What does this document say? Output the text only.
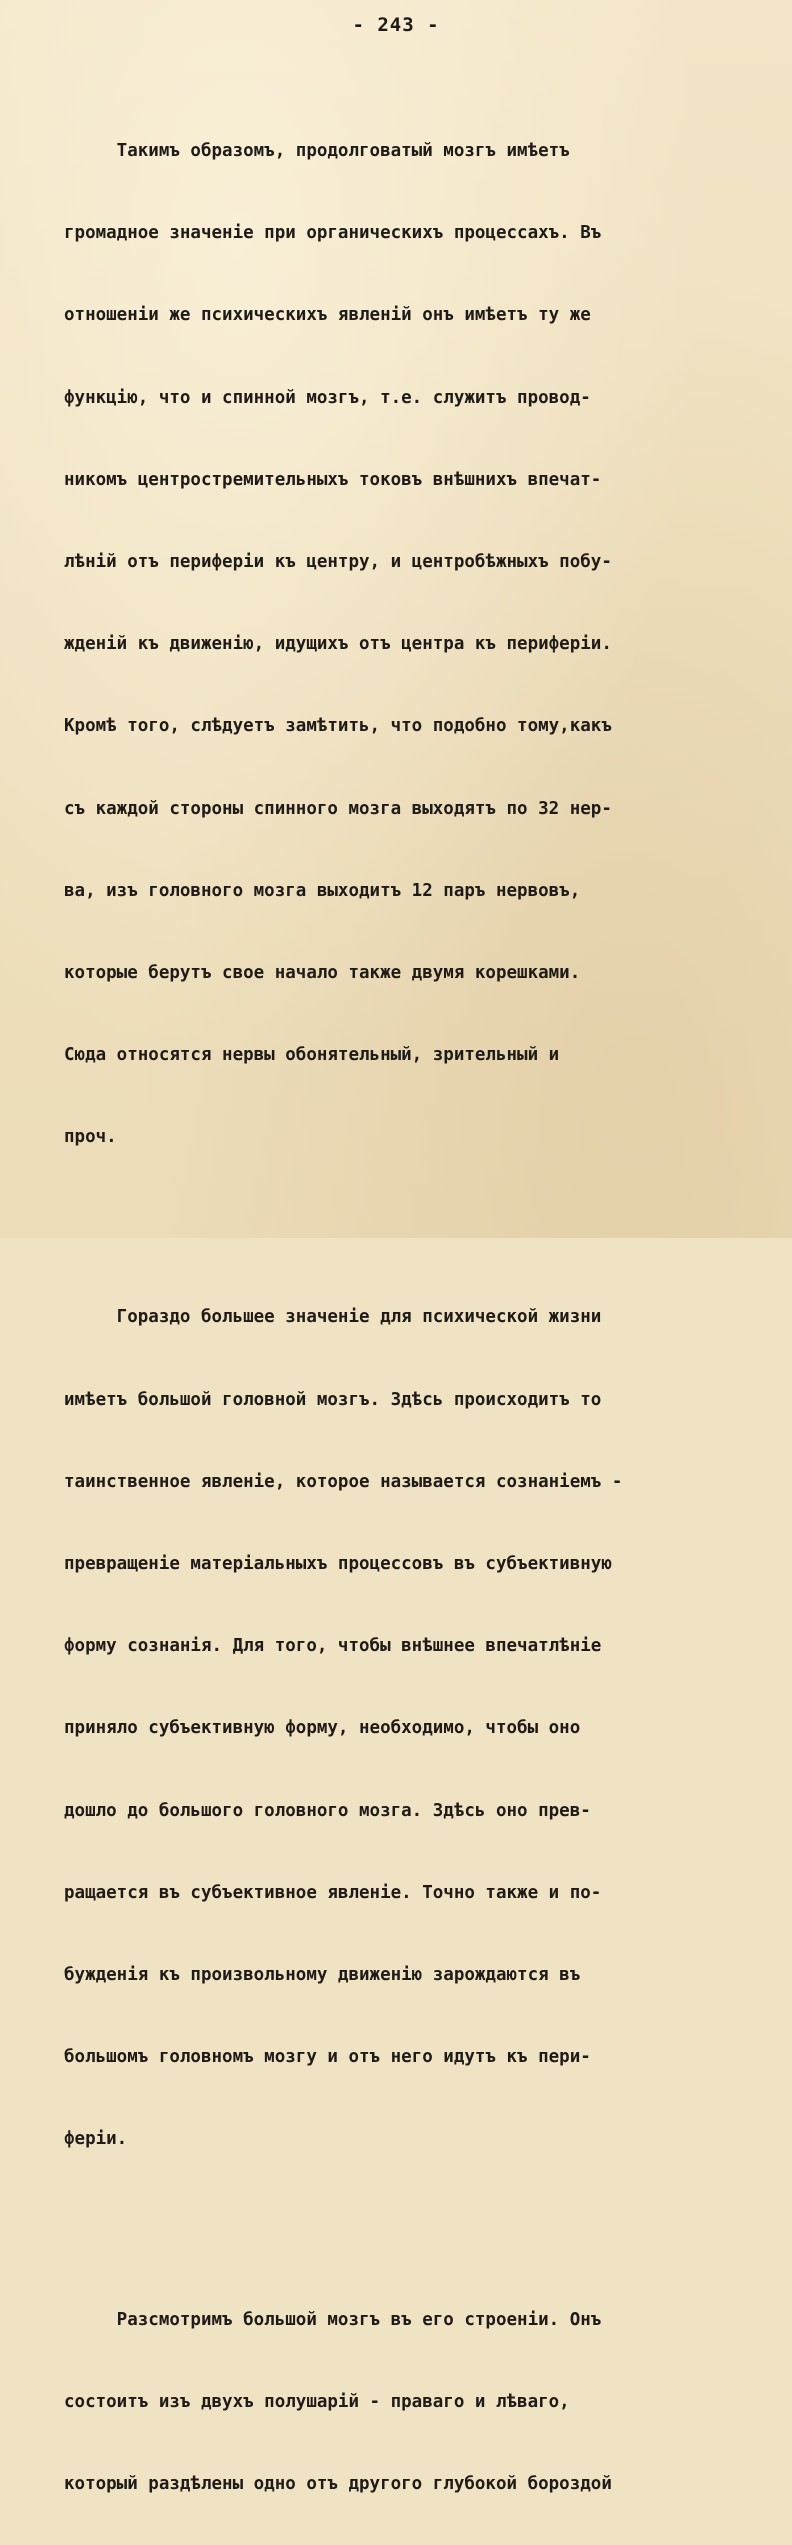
- 243 -

Такимъ образомъ, продолговатый мозгъ имѣетъ

громадное значеніе при органическихъ процессахъ. Въ

отношеніи же психическихъ явленій онъ имѣетъ ту же

функцію, что и спинной мозгъ, т.е. служитъ провод-

никомъ центростремительныхъ токовъ внѣшнихъ впечат-

лѣній отъ периферіи къ центру, и центробѣжныхъ побу-

жденій къ движенію, идущихъ отъ центра къ периферіи.

Кромѣ того, слѣдуетъ замѣтить, что подобно тому,какъ

съ каждой стороны спинного мозга выходятъ по 32 нер-

ва, изъ головного мозга выходитъ 12 паръ нервовъ,

которые берутъ свое начало также двумя корешками.

Сюда относятся нервы обонятельный, зрительный и

проч.

Гораздо большее значеніе для психической жизни

имѣетъ большой головной мозгъ. Здѣсь происходитъ то

таинственное явленіе, которое называется сознаніемъ -

превращеніе матеріальныхъ процессовъ въ субъективную

форму сознанія. Для того, чтобы внѣшнее впечатлѣніе

приняло субъективную форму, необходимо, чтобы оно

дошло до большого головного мозга. Здѣсь оно прев-

ращается въ субъективное явленіе. Точно также и по-

бужденія къ произвольному движенію зарождаются въ

большомъ головномъ мозгу и отъ него идутъ къ пери-

феріи.

Разсмотримъ большой мозгъ въ его строеніи. Онъ

состоитъ изъ двухъ полушарій - праваго и лѣваго,

который раздѣлены одно отъ другого глубокой бороздой
